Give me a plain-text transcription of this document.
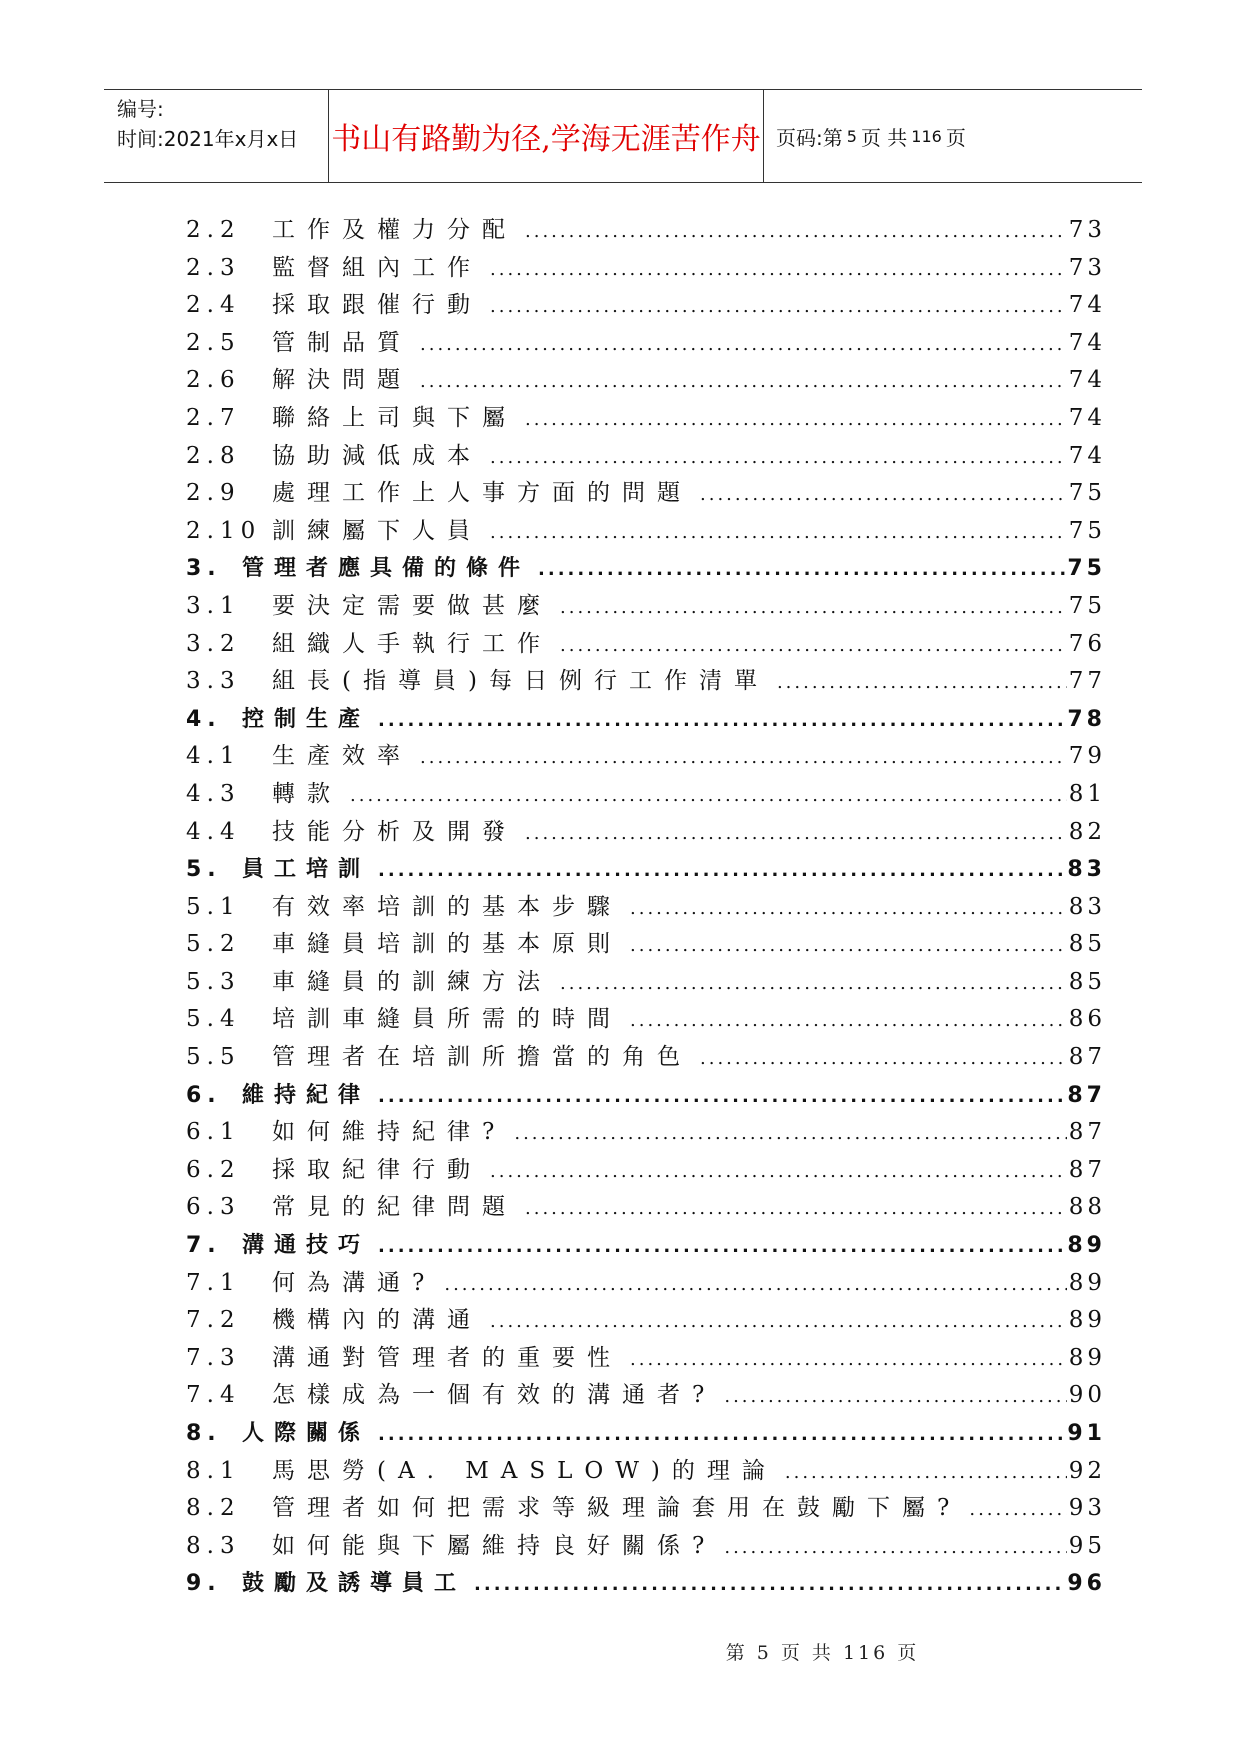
编号:
时间:2021年x月x日 书山有路勤为径,学海无涯苦作舟 页码:第 5 页 共 116 页
2.2	工作及權力分配 .....	73
2.3	監督組內工作 .....	73
2.4	採取跟催行動 .....	74
2.5	管制品質 .....	74
2.6	解決問題 .....	74
2.7	聯絡上司與下屬 .....	74
2.8	協助減低成本 .....	74
2.9	處理工作上人事方面的問題 .....	75
2.10 訓練屬下人員 .....	75
3. 管理者應具備的條件 .....	75
3.1	要決定需要做甚麼 .....	75
3.2	組織人手執行工作 .....	76
3.3	組長(指導員)每日例行工作清單 .....	77
4. 控制生產 .....	78
4.1	生產效率 .....	79
4.3	轉款 .....	81
4.4	技能分析及開發 .....	82
5. 員工培訓 .....	83
5.1	有效率培訓的基本步驟 .....	83
5.2	車縫員培訓的基本原則 .....	85
5.3	車縫員的訓練方法 .....	85
5.4	培訓車縫員所需的時間 .....	86
5.5	管理者在培訓所擔當的角色 .....	87
6. 維持紀律 .....	87
6.1	如何維持紀律? .....	87
6.2	採取紀律行動 .....	87
6.3	常見的紀律問題 .....	88
7. 溝通技巧 .....	89
7.1	何為溝通? .....	89
7.2	機構內的溝通 .....	89
7.3	溝通對管理者的重要性 .....	89
7.4	怎樣成為一個有效的溝通者? .....	90
8. 人際關係 .....	91
8.1	馬思勞(A. MASLOW)的理論 .....	92
8.2	管理者如何把需求等級理論套用在鼓勵下屬? .....	93
8.3	如何能與下屬維持良好關係? .....	95
9. 鼓勵及誘導員工 .....	96
第 5 页 共 116 页
